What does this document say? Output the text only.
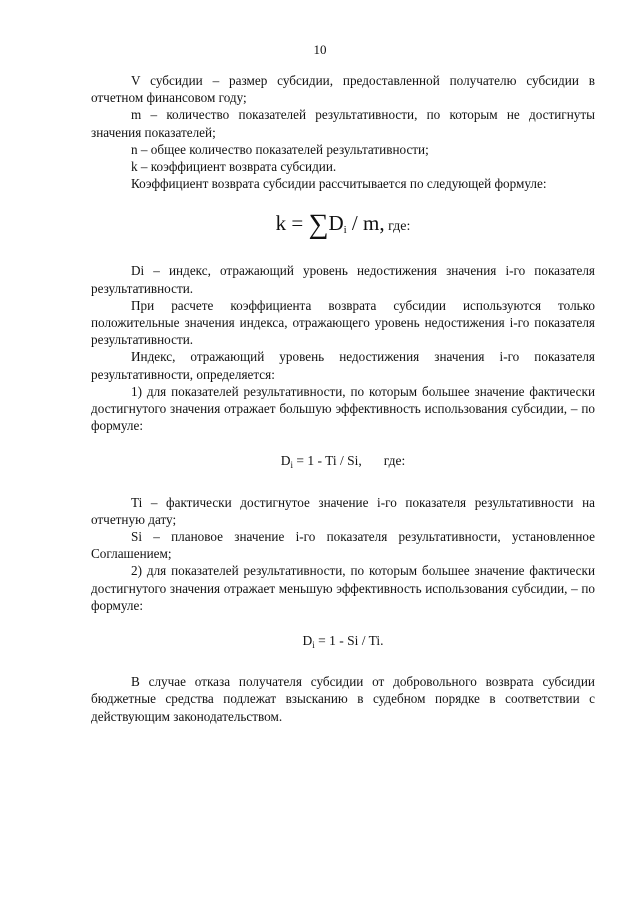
10

V субсидии – размер субсидии, предоставленной получателю субсидии в отчетном финансовом году;

m – количество показателей результативности, по которым не достигнуты значения показателей;

n – общее количество показателей результативности;

k – коэффициент возврата субсидии.

Коэффициент возврата субсидии рассчитывается по следующей формуле:

$k = \sum D_i / m$, где:

Di – индекс, отражающий уровень недостижения значения i-го показателя результативности.

При расчете коэффициента возврата субсидии используются только положительные значения индекса, отражающего уровень недостижения i-го показателя результативности.

Индекс, отражающий уровень недостижения значения i-го показателя результативности, определяется:

1) для показателей результативности, по которым большее значение фактически достигнутого значения отражает большую эффективность использования субсидии, – по формуле:

$D_i = 1 - Ti / Si$, где:

Ti – фактически достигнутое значение i-го показателя результативности на отчетную дату;

Si – плановое значение i-го показателя результативности, установленное Соглашением;

2) для показателей результативности, по которым большее значение фактически достигнутого значения отражает меньшую эффективность использования субсидии, – по формуле:

$D_i = 1 - Si / Ti$.

В случае отказа получателя субсидии от добровольного возврата субсидии бюджетные средства подлежат взысканию в судебном порядке в соответствии с действующим законодательством.
